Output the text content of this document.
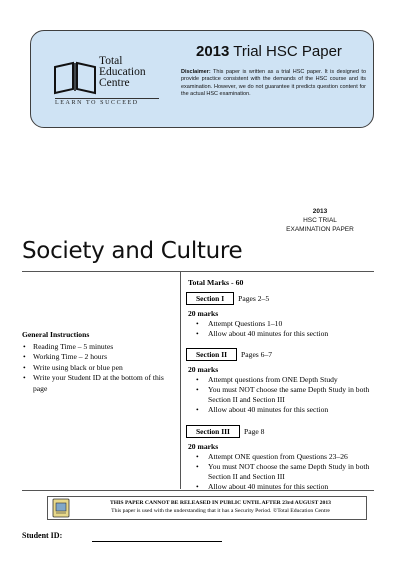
Total
Education
Centre
LEARN TO SUCCEED
2013 Trial HSC Paper
Disclaimer: This paper is written as a trial HSC paper. It is designed to provide practice consistent with the demands of the HSC course and its examination. However, we do not guarantee it predicts question content for the actual HSC examination.
2013
HSC TRIAL
EXAMINATION PAPER
Society and Culture
General Instructions
• Reading Time – 5 minutes
• Working Time – 2 hours
• Write using black or blue pen
• Write your Student ID at the bottom of this page
Total Marks - 60
Section I Pages 2–5
20 marks
• Attempt Questions 1–10
• Allow about 40 minutes for this section
Section II Pages 6–7
20 marks
• Attempt questions from ONE Depth Study
• You must NOT choose the same Depth Study in both Section II and Section III
• Allow about 40 minutes for this section
Section III Page 8
20 marks
• Attempt ONE question from Questions 23–26
• You must NOT choose the same Depth Study in both Section II and Section III
• Allow about 40 minutes for this section
THIS PAPER CANNOT BE RELEASED IN PUBLIC UNTIL AFTER 23rd AUGUST 2013
This paper is used with the understanding that it has a Security Period. ©Total Education Centre
Student ID:
